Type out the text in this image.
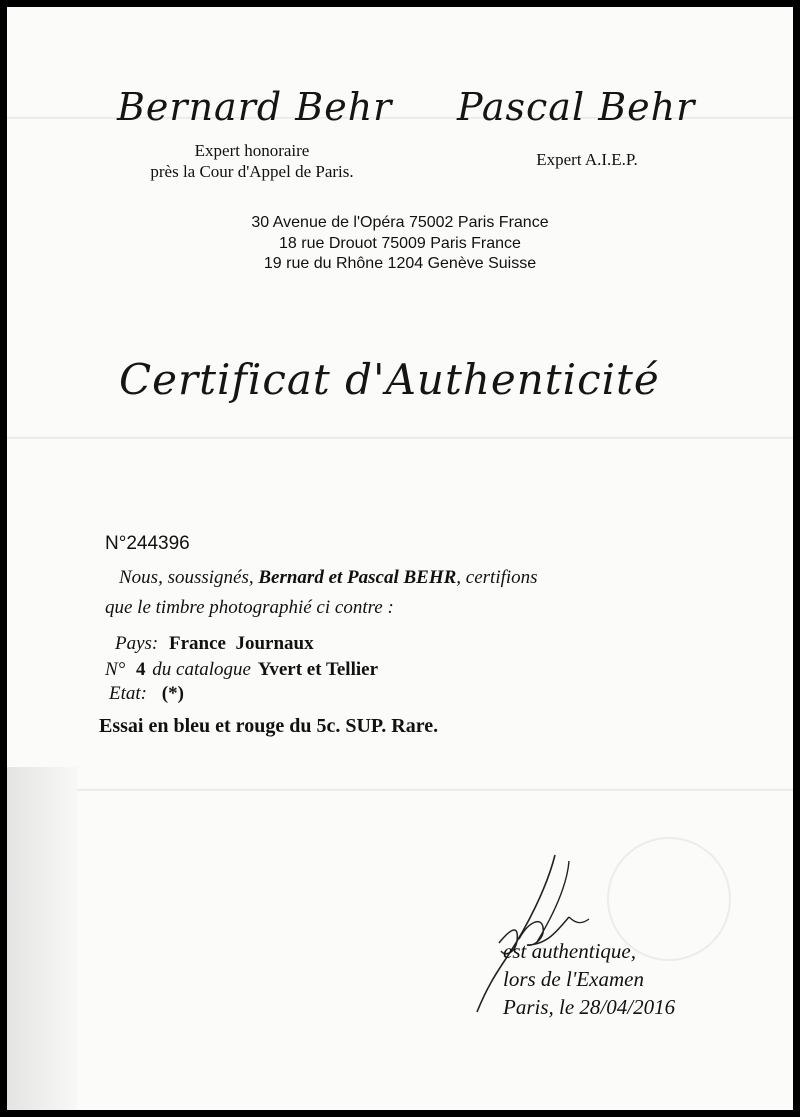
Bernard Behr Pascal Behr
Expert honoraire
près la Cour d'Appel de Paris.
Expert A.I.E.P.
30 Avenue de l'Opéra 75002 Paris France
18 rue Drouot 75009 Paris France
19 rue du Rhône 1204 Genève Suisse
Certificat d'Authenticité
N°244396
Nous, soussignés, Bernard et Pascal BEHR, certifions
que le timbre photographié ci contre :
Pays: France  Journaux
N° 4 du catalogue Yvert et Tellier
Etat: (*)
Essai en bleu et rouge du 5c. SUP. Rare.
est authentique,
lors de l'Examen
Paris, le 28/04/2016
